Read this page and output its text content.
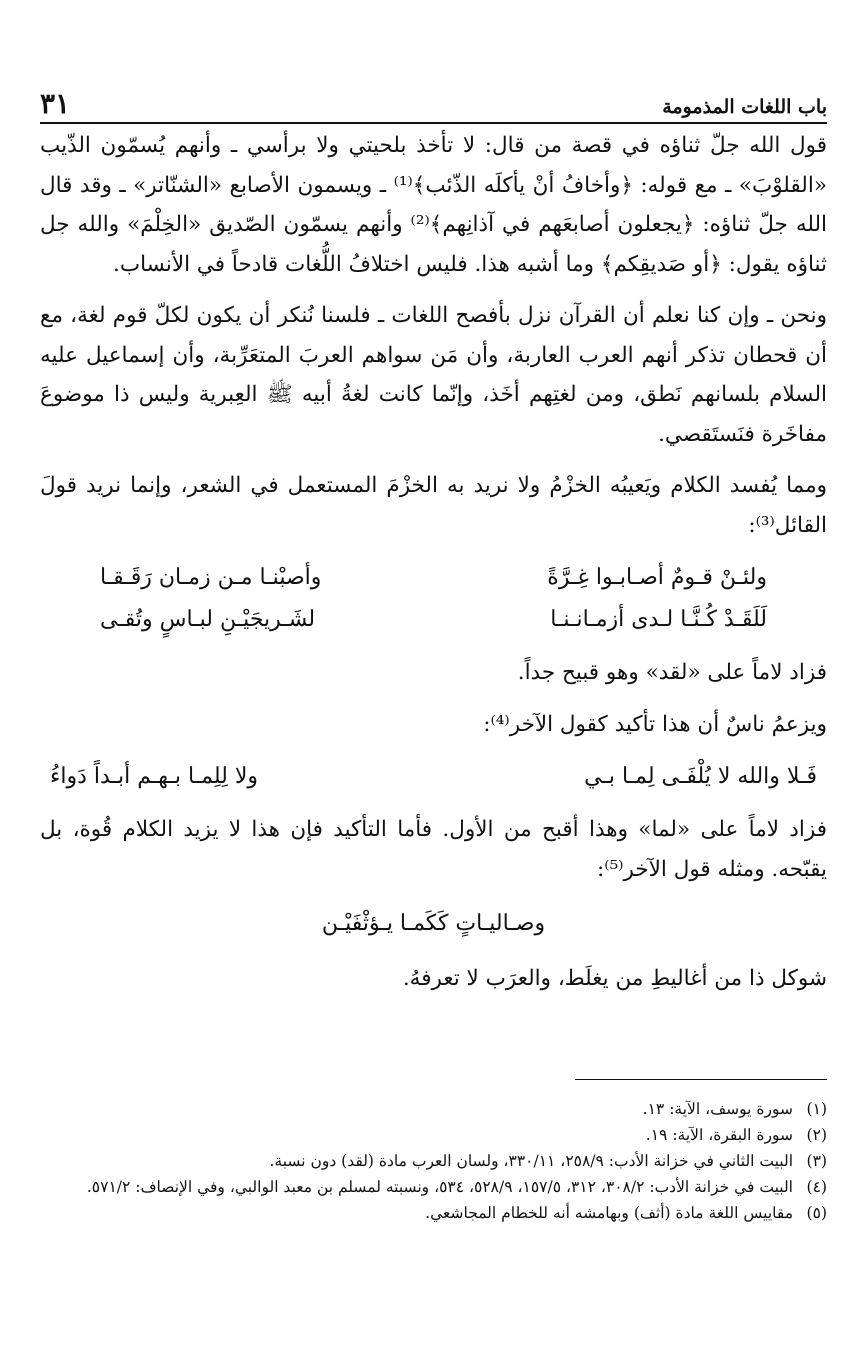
باب اللغات المذمومة
٣١

قول الله جلّ ثناؤه في قصة من قال: لا تأخذ بلحيتي ولا برأسي ـ وأنهم يُسمّون الذّيب «القلوْبَ» ـ مع قوله: ﴿وأخافُ أنْ يأكلَه الذّئب﴾⁽¹⁾ ـ ويسمون الأصابع «الشنّاتر» ـ وقد قال الله جلّ ثناؤه: ﴿يجعلون أصابعَهم في آذانِهم﴾⁽²⁾ وأنهم يسمّون الصّديق «الخِلْمَ» والله جل ثناؤه يقول: ﴿أو صَديقِكم﴾ وما أشبه هذا. فليس اختلافُ اللُّغات قادحاً في الأنساب.

ونحن ـ وإن كنا نعلم أن القرآن نزل بأفصح اللغات ـ فلسنا نُنكر أن يكون لكلّ قوم لغة، مع أن قحطان تذكر أنهم العرب العاربة، وأن مَن سواهم العربَ المتعَرِّبة، وأن إسماعيل عليه السلام بلسانهم نَطق، ومن لغتِهم أخَذ، وإنّما كانت لغةُ أبيه ﷺ العِبرية وليس ذا موضوعَ مفاخَرة فنَستَقصي.

ومما يُفسد الكلام ويَعيبُه الخزْمُ ولا نريد به الخزْمَ المستعمل في الشعر، وإنما نريد قولَ القائل⁽³⁾:

ولئـنْ قـومٌ أصـابـوا غِـرَّةً
وأصبْنـا مـن زمـان رَقَـقـا
لَلَقَـدْ كُـنَّـا لـدى أزمـانـنـا
لشَـريجَيْـنِ لبـاسٍ وتُقـى

فزاد لاماً على «لقد» وهو قبيح جداً.

ويزعمُ ناسٌ أن هذا تأكيد كقول الآخر⁽⁴⁾:

فَـلا والله لا يُلْفَـى لِمـا بـي
ولا لِلِمـا بـهـم أبـداً دَواءُ

فزاد لاماً على «لما» وهذا أقبح من الأول. فأما التأكيد فإن هذا لا يزيد الكلام قُوة، بل يقبّحه. ومثله قول الآخر⁽⁵⁾:

وصـاليـاتٍ كَكَمـا يـؤثْفَيْـن

شوكل ذا من أغاليطِ من يغلَط، والعرَب لا تعرفهُ.

(١)
سورة يوسف، الآية: ١٣.

(٢)
سورة البقرة، الآية: ١٩.

(٣)
البيت الثاني في خزانة الأدب: ٢٥٨/٩، ٣٣٠/١١، ولسان العرب مادة (لقد) دون نسبة.

(٤)
البيت في خزانة الأدب: ٣٠٨/٢، ٣١٢، ١٥٧/٥، ٥٢٨/٩، ٥٣٤، ونسبته لمسلم بن معبد الوالبي، وفي الإنصاف: ٥٧١/٢.

(٥)
مقاييس اللغة مادة (أثف) وبهامشه أنه للخطام المجاشعي.
